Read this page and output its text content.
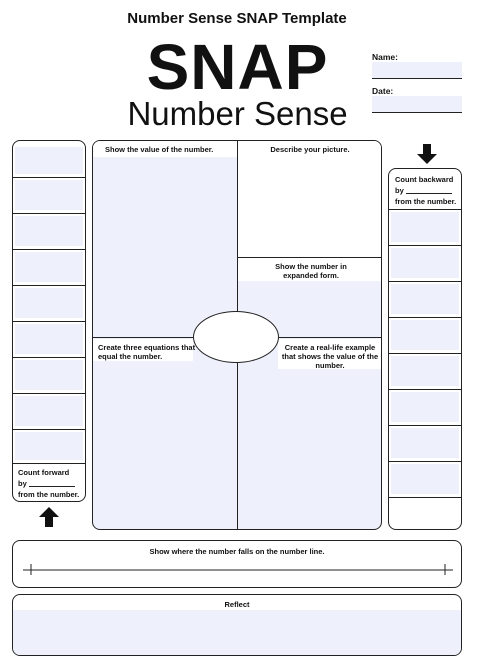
Number Sense SNAP Template
SNAP
Number Sense
Name:
Date:
Count forward
by
from the number.
Count backward
by
from the number.
Show the value of the number.	Describe your picture.
Show the number in expanded form.
Create three equations that equal the number.
Create a real-life example that shows the value of the number.
Show where the number falls on the number line.
Reflect
